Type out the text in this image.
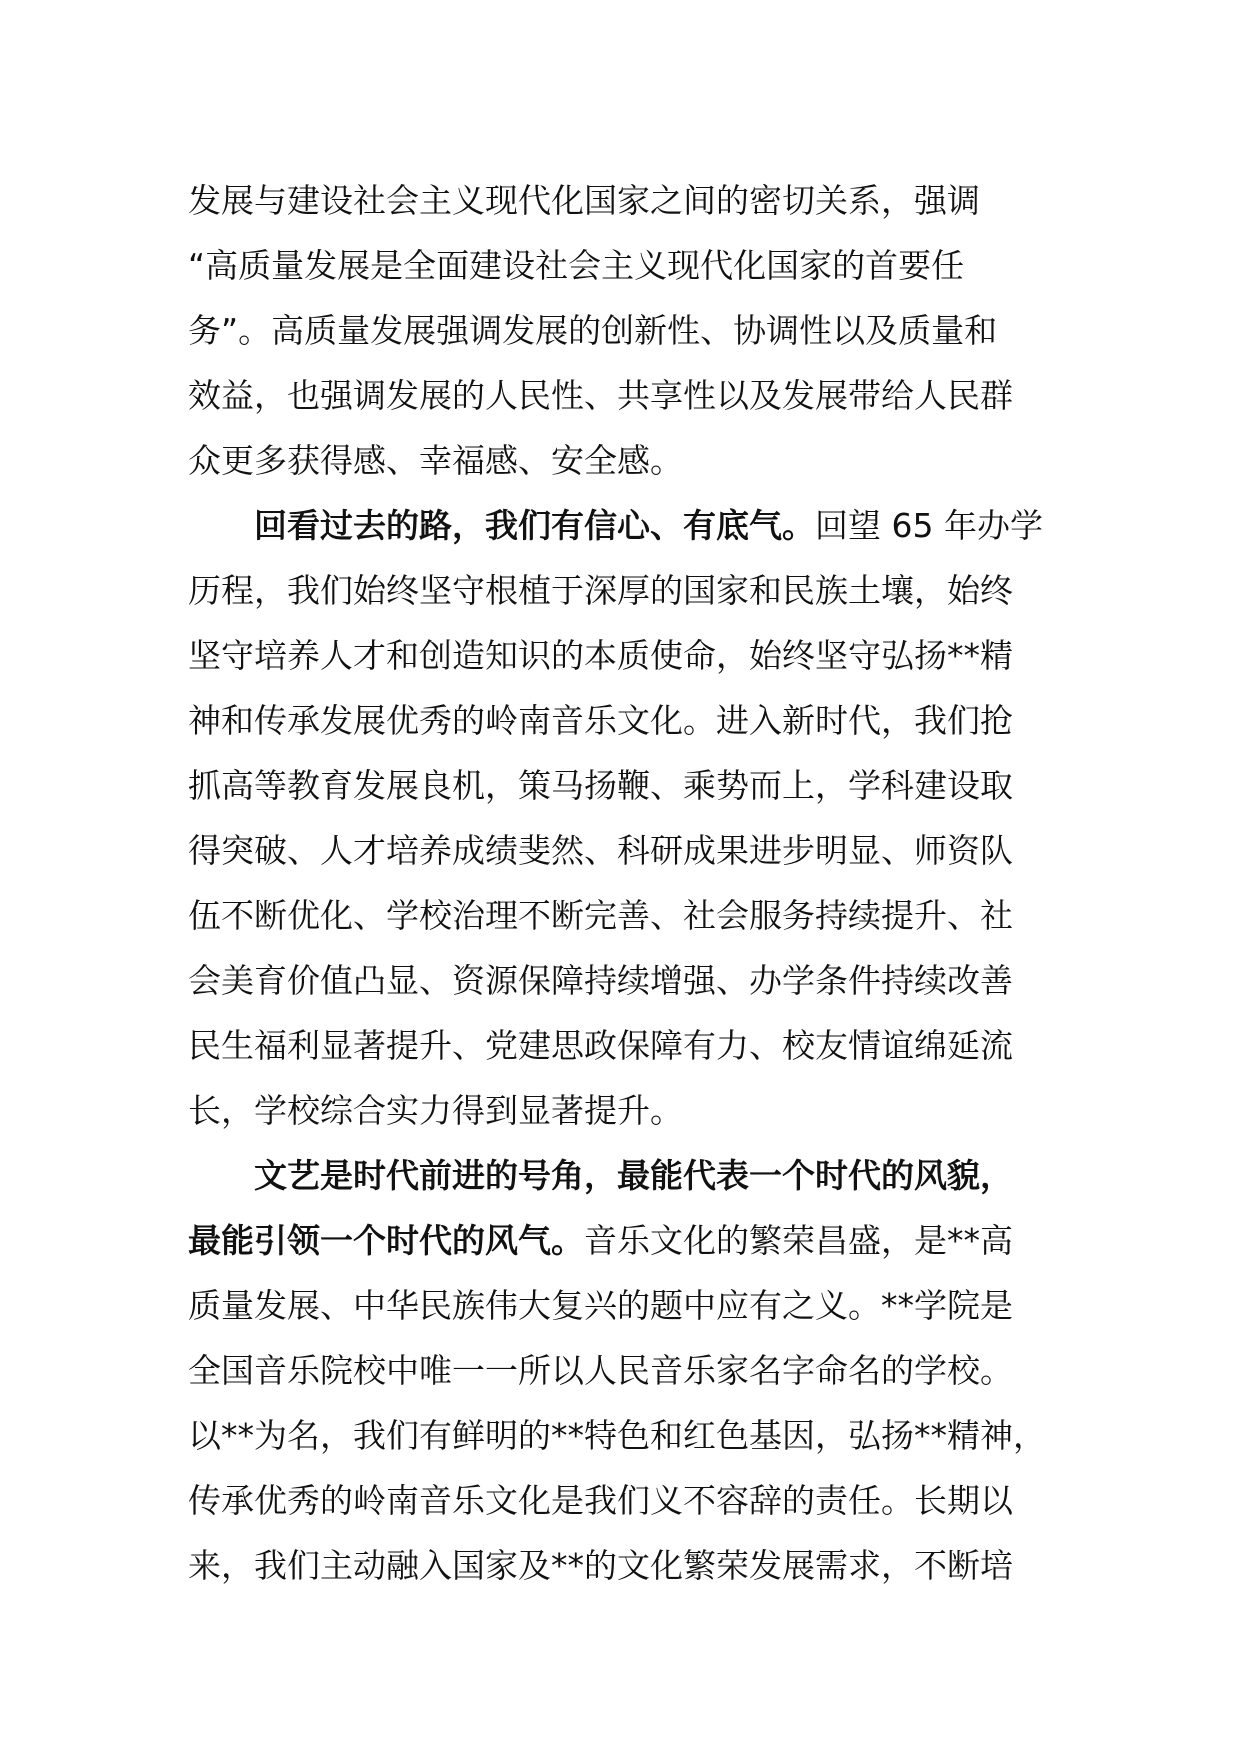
发展与建设社会主义现代化国家之间的密切关系，强调
“高质量发展是全面建设社会主义现代化国家的首要任
务”。高质量发展强调发展的创新性、协调性以及质量和
效益，也强调发展的人民性、共享性以及发展带给人民群
众更多获得感、幸福感、安全感。
回看过去的路，我们有信心、有底气。回望 65 年办学
历程，我们始终坚守根植于深厚的国家和民族土壤，始终
坚守培养人才和创造知识的本质使命，始终坚守弘扬**精
神和传承发展优秀的岭南音乐文化。进入新时代，我们抢
抓高等教育发展良机，策马扬鞭、乘势而上，学科建设取
得突破、人才培养成绩斐然、科研成果进步明显、师资队
伍不断优化、学校治理不断完善、社会服务持续提升、社
会美育价值凸显、资源保障持续增强、办学条件持续改善
民生福利显著提升、党建思政保障有力、校友情谊绵延流
长，学校综合实力得到显著提升。
文艺是时代前进的号角，最能代表一个时代的风貌，
最能引领一个时代的风气。音乐文化的繁荣昌盛，是**高
质量发展、中华民族伟大复兴的题中应有之义。**学院是
全国音乐院校中唯一一所以人民音乐家名字命名的学校。
以**为名，我们有鲜明的**特色和红色基因，弘扬**精神，
传承优秀的岭南音乐文化是我们义不容辞的责任。长期以
来，我们主动融入国家及**的文化繁荣发展需求，不断培
